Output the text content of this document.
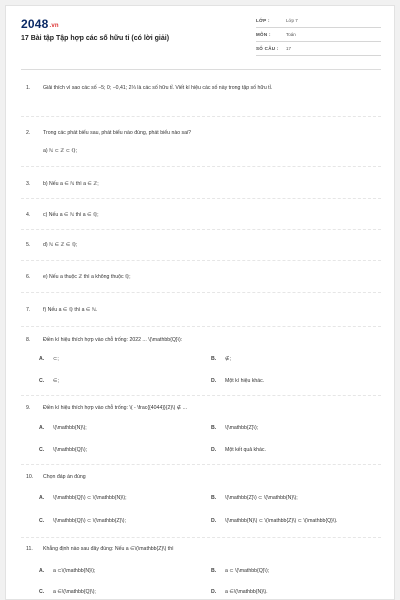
2048.vn
17 Bài tập Tập hợp các số hữu tỉ (có lời giải)
LỚP :	Lớp 7
MÔN :	Toán
SỐ CÂU : 17
1.	Giải thích vì sao các số −5; 0; −0,41; 2⅓ là các số hữu tỉ. Viết kí hiệu các số này trong tập số hữu tỉ.
2.	Trong các phát biểu sau, phát biểu nào đúng, phát biểu nào sai?
a) ℕ ⊂ ℤ ⊂ ℚ;
3.	b) Nếu a ∈ ℕ thì a ∈ ℤ;
4.	c) Nếu a ∈ ℕ thì a ∈ ℚ;
5.	d) ℕ ∈ ℤ ∈ ℚ;
6.	e) Nếu a thuộc ℤ thì a không thuộc ℚ;
7.	f) Nếu a ∈ ℚ thì a ∈ ℕ.
8.	Điền kí hiệu thích hợp vào chỗ trống: 2022 ... \(\mathbb{Q}\):
A. ⊂;	B. ∉;
C. ∈;	D. Một kí hiệu khác.
9.	Điền kí hiệu thích hợp vào chỗ trống: \( - \frac{{4044}}{2}\) ∉ ...
A. \(\mathbb{N}\);	B. \(\mathbb{Z}\);
C. \(\mathbb{Q}\);	D. Một kết quả khác.
10.	Chọn đáp án đúng
A. \(\mathbb{Q}\) ⊂ \(\mathbb{N}\);	B. \(\mathbb{Z}\) ⊂ \(\mathbb{N}\);
C. \(\mathbb{Q}\) ⊂ \(\mathbb{Z}\);	D. \(\mathbb{N}\) ⊂ \(\mathbb{Z}\) ⊂ \(\mathbb{Q}\).
11.	Khẳng định nào sau đây đúng: Nếu a ∈\(\mathbb{Z}\) thì
A. a ⊂\(\mathbb{N}\);	B. a ⊂ \(\mathbb{Q}\);
C. a ∈\(\mathbb{Q}\);	D. a ∈\(\mathbb{N}\).
